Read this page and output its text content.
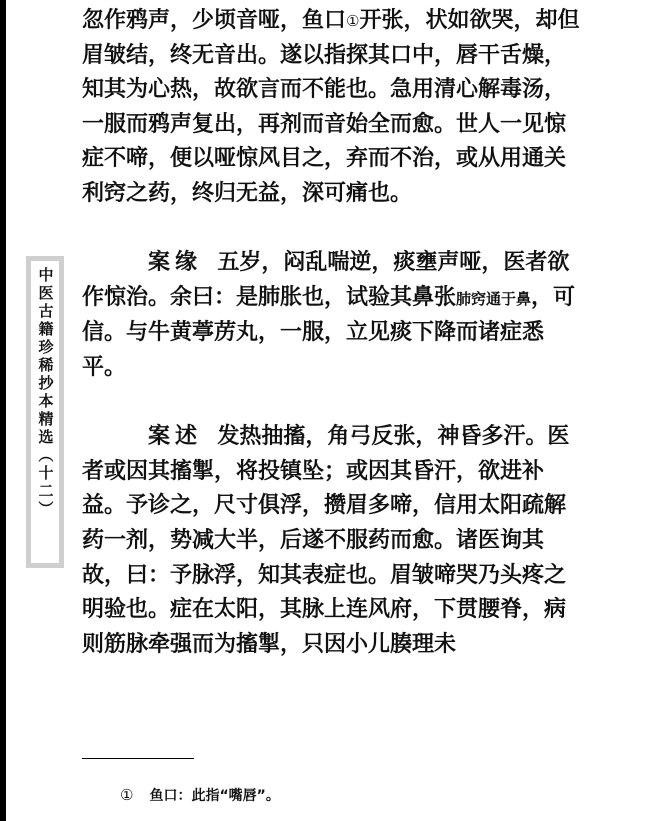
中医古籍珍稀抄本精选（十二）

忽作鸦声，少顷音哑，鱼口①开张，状如欲哭，却但眉皱结，终无音出。遂以指探其口中，唇干舌燥，知其为心热，故欲言而不能也。急用清心解毒汤，一服而鸦声复出，再剂而音始全而愈。世人一见惊症不啼，便以哑惊风目之，弃而不治，或从用通关利窍之药，终归无益，深可痛也。

案缘 五岁，闷乱喘逆，痰壅声哑，医者欲作惊治。余曰：是肺胀也，试验其鼻张肺窍通于鼻，可信。与牛黄葶苈丸，一服，立见痰下降而诸症悉平。

案述 发热抽搐，角弓反张，神昏多汗。医者或因其搐掣，将投镇坠；或因其昏汗，欲进补益。予诊之，尺寸俱浮，攒眉多啼，信用太阳疏解药一剂，势减大半，后遂不服药而愈。诸医询其故，曰：予脉浮，知其表症也。眉皱啼哭乃头疼之明验也。症在太阳，其脉上连风府，下贯腰脊，病则筋脉牵强而为搐掣，只因小儿腠理未

① 鱼口：此指“嘴唇”。
